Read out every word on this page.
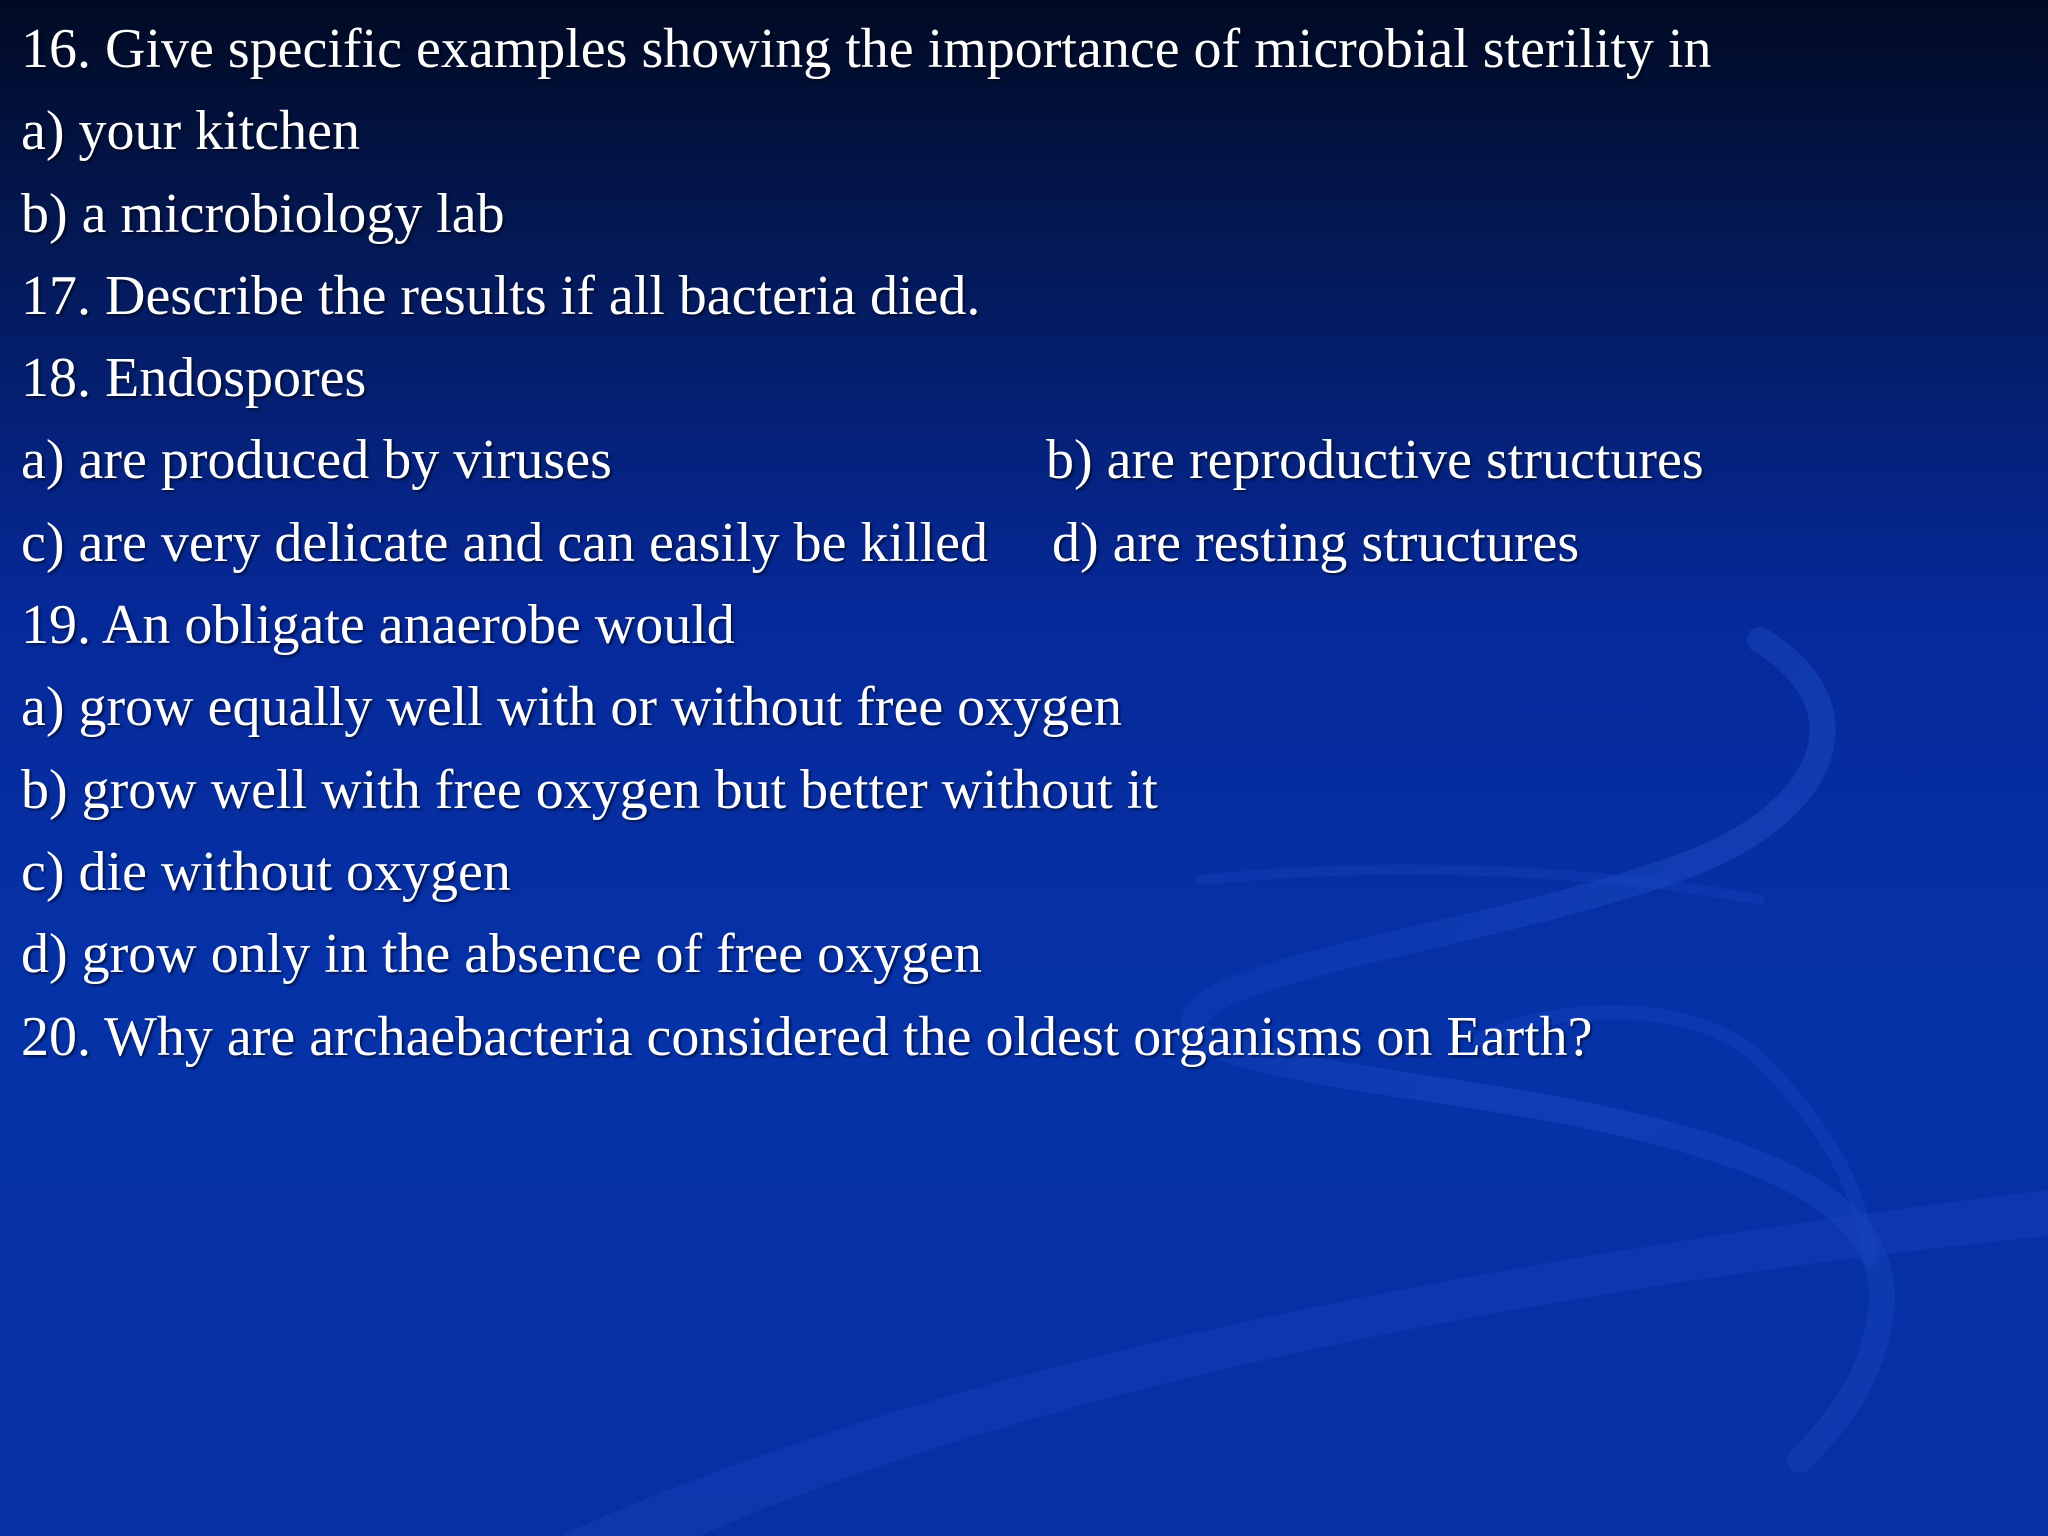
16. Give specific examples showing the importance of microbial sterility in
a) your kitchen
b) a microbiology lab
17. Describe the results if all bacteria died.
18. Endospores
a) are produced by viruses	b) are reproductive structures
c) are very delicate and can easily be killed d) are resting structures
19. An obligate anaerobe would
a) grow equally well with or without free oxygen
b) grow well with free oxygen but better without it
c) die without oxygen
d) grow only in the absence of free oxygen
20. Why are archaebacteria considered the oldest organisms on Earth?
